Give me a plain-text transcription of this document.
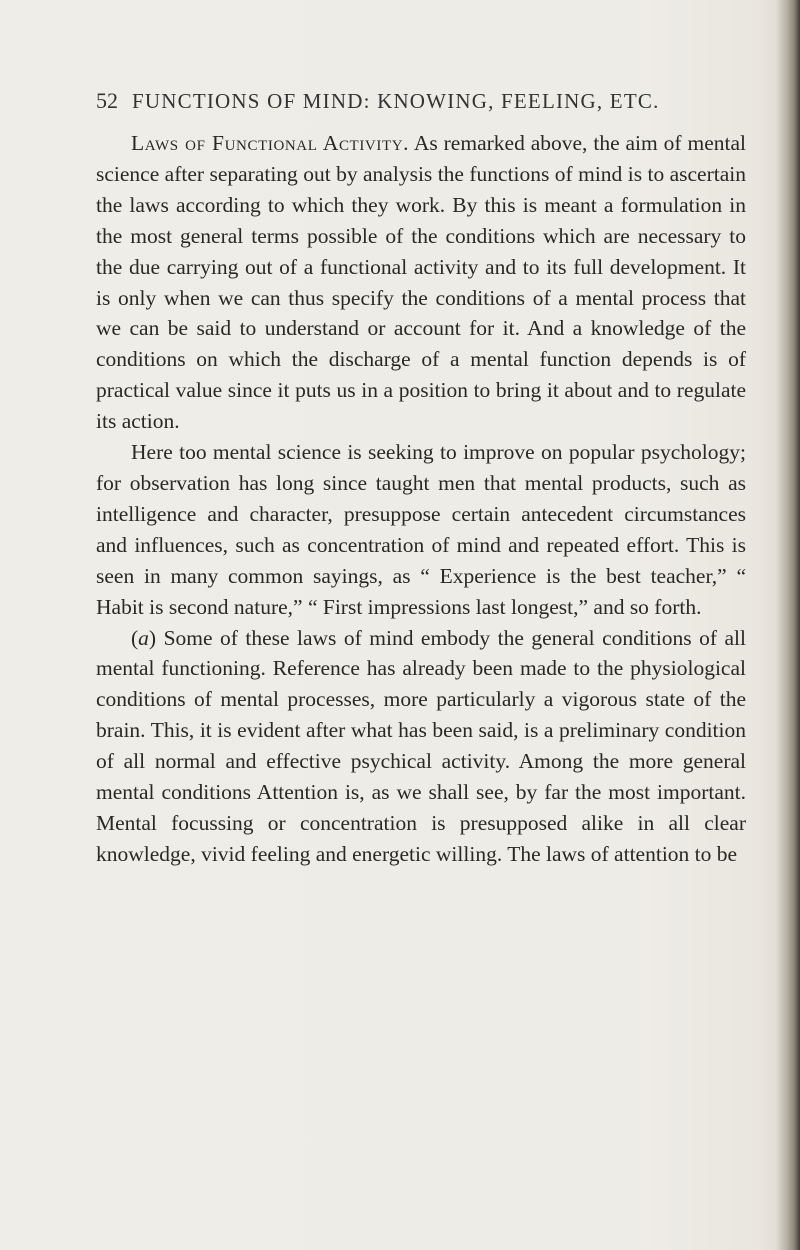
52 FUNCTIONS OF MIND: KNOWING, FEELING, ETC.

Laws of Functional Activity. As remarked above, the aim of mental science after separating out by analysis the functions of mind is to ascertain the laws according to which they work. By this is meant a formulation in the most general terms possible of the conditions which are necessary to the due carrying out of a functional activity and to its full development. It is only when we can thus specify the conditions of a mental process that we can be said to understand or account for it. And a knowledge of the conditions on which the discharge of a mental function depends is of practical value since it puts us in a position to bring it about and to regulate its action.

Here too mental science is seeking to improve on popular psychology; for observation has long since taught men that mental products, such as intelligence and character, presuppose certain antecedent circumstances and influences, such as concentration of mind and repeated effort. This is seen in many common sayings, as “ Experience is the best teacher,” “ Habit is second nature,” “ First impressions last longest,” and so forth.

(a) Some of these laws of mind embody the general conditions of all mental functioning. Reference has already been made to the physiological conditions of mental processes, more particularly a vigorous state of the brain. This, it is evident after what has been said, is a preliminary condition of all normal and effective psychical activity. Among the more general mental conditions Attention is, as we shall see, by far the most important. Mental focussing or concentration is presupposed alike in all clear knowledge, vivid feeling and energetic willing. The laws of attention to be
